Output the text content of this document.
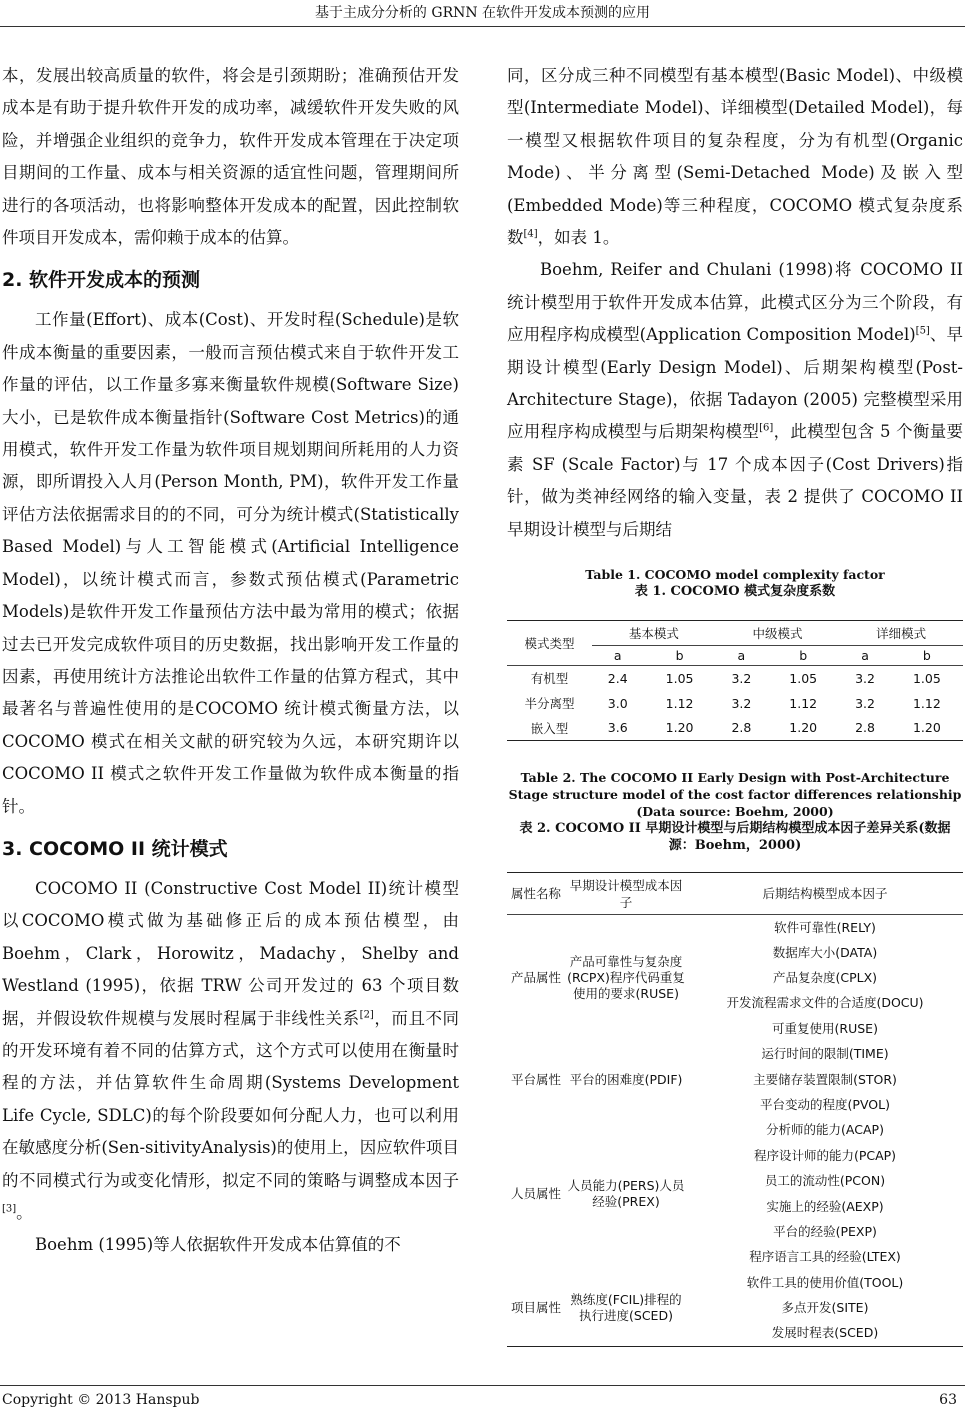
基于主成分分析的 GRNN 在软件开发成本预测的应用

本，发展出较高质量的软件，将会是引颈期盼；准确预估开发成本是有助于提升软件开发的成功率，减缓软件开发失败的风险，并增强企业组织的竞争力，软件开发成本管理在于决定项目期间的工作量、成本与相关资源的适宜性问题，管理期间所进行的各项活动，也将影响整体开发成本的配置，因此控制软件项目开发成本，需仰赖于成本的估算。

2. 软件开发成本的预测

工作量(Effort)、成本(Cost)、开发时程(Schedule)是软件成本衡量的重要因素，一般而言预估模式来自于软件开发工作量的评估，以工作量多寡来衡量软件规模(Software Size)大小，已是软件成本衡量指针(Software Cost Metrics)的通用模式，软件开发工作量为软件项目规划期间所耗用的人力资源，即所谓投入人月(Person Month, PM)，软件开发工作量评估方法依据需求目的的不同，可分为统计模式(Statistically Based Model)与人工智能模式(Artificial Intelligence Model)，以统计模式而言，参数式预估模式(Parametric Models)是软件开发工作量预估方法中最为常用的模式；依据过去已开发完成软件项目的历史数据，找出影响开发工作量的因素，再使用统计方法推论出软件工作量的估算方程式，其中最著名与普遍性使用的是COCOMO 统计模式衡量方法，以 COCOMO 模式在相关文献的研究较为久远，本研究期许以 COCOMO II 模式之软件开发工作量做为软件成本衡量的指针。

3. COCOMO II 统计模式

COCOMO II (Constructive Cost Model II)统计模型以COCOMO模式做为基础修正后的成本预估模型，由 Boehm，Clark，Horowitz，Madachy，Shelby and Westland (1995)，依据 TRW 公司开发过的 63 个项目数据，并假设软件规模与发展时程属于非线性关系[2]，而且不同的开发环境有着不同的估算方式，这个方式可以使用在衡量时程的方法，并估算软件生命周期(Systems Development Life Cycle, SDLC)的每个阶段要如何分配人力，也可以利用在敏感度分析(Sen-sitivityAnalysis)的使用上，因应软件项目的不同模式行为或变化情形，拟定不同的策略与调整成本因子[3]。

Boehm (1995)等人依据软件开发成本估算值的不

同，区分成三种不同模型有基本模型(Basic Model)、中级模型(Intermediate Model)、详细模型(Detailed Model)，每一模型又根据软件项目的复杂程度，分为有机型(Organic Mode)、半分离型(Semi-Detached Mode)及嵌入型(Embedded Mode)等三种程度，COCOMO 模式复杂度系数[4]，如表 1。

Boehm, Reifer and Chulani (1998)将 COCOMO II 统计模型用于软件开发成本估算，此模式区分为三个阶段，有应用程序构成模型(Application Composition Model)[5]、早期设计模型(Early Design Model)、后期架构模型(Post-Architecture Stage)，依据 Tadayon (2005) 完整模型采用应用程序构成模型与后期架构模型[6]，此模型包含 5 个衡量要素 SF (Scale Factor)与 17 个成本因子(Cost Drivers)指针，做为类神经网络的输入变量，表 2 提供了 COCOMO II 早期设计模型与后期结

Table 1. COCOMO model complexity factor
表 1. COCOMO 模式复杂度系数
模式类型	基本模式		中级模式		详细模式	
	a	b	a	b	a	b
有机型	2.4	1.05	3.2	1.05	3.2	1.05
半分离型	3.0	1.12	3.2	1.12	3.2	1.12
嵌入型	3.6	1.20	2.8	1.20	2.8	1.20
Table 2. The COCOMO II Early Design with Post-Architecture Stage structure model of the cost factor differences relationship (Data source: Boehm, 2000)
表 2. COCOMO II 早期设计模型与后期结构模型成本因子差异关系(数据源：Boehm，2000)
属性名称	早期设计模型成本因子	后期结构模型成本因子
产品属性	产品可靠性与复杂度(RCPX)程序代码重复使用的要求(RUSE)	软件可靠性(RELY)
		数据库大小(DATA)
		产品复杂度(CPLX)
		开发流程需求文件的合适度(DOCU)
		可重复使用(RUSE)
平台属性	平台的困难度(PDIF)	运行时间的限制(TIME)
		主要储存装置限制(STOR)
		平台变动的程度(PVOL)
人员属性	人员能力(PERS)人员经验(PREX)	分析师的能力(ACAP)
		程序设计师的能力(PCAP)
		员工的流动性(PCON)
		实施上的经验(AEXP)
		平台的经验(PEXP)
		程序语言工具的经验(LTEX)
项目属性	熟练度(FCIL)排程的执行进度(SCED)	软件工具的使用价值(TOOL)
		多点开发(SITE)
		发展时程表(SCED)
Copyright © 2013 Hanspub	63
